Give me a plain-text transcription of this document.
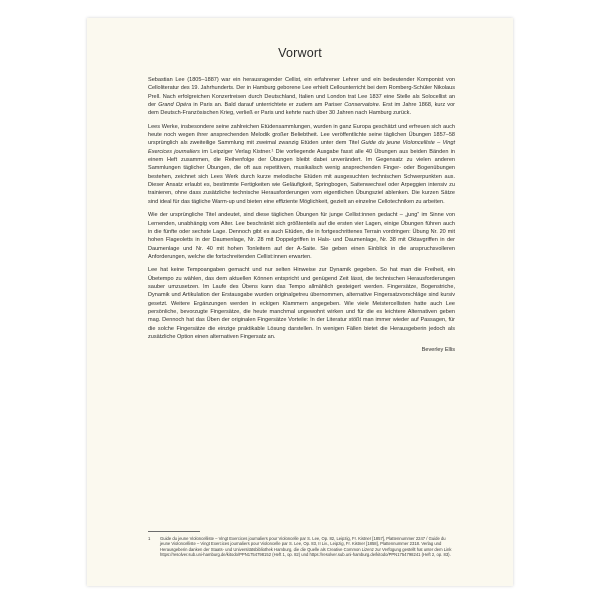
Vorwort

Sebastian Lee (1805–1887) war ein herausragender Cellist, ein erfahrener Lehrer und ein bedeutender Komponist von Celloliteratur des 19. Jahrhunderts. Der in Hamburg geborene Lee erhielt Cellounterricht bei dem Romberg-Schüler Nikolaus Prell. Nach erfolgreichen Konzertreisen durch Deutschland, Italien und London trat Lee 1837 eine Stelle als Solocellist an der Grand Opéra in Paris an. Bald darauf unterrichtete er zudem am Pariser Conservatoire. Erst im Jahre 1868, kurz vor dem Deutsch-Französischen Krieg, verließ er Paris und kehrte nach über 30 Jahren nach Hamburg zurück.

Lees Werke, insbesondere seine zahlreichen Etüdensammlungen, wurden in ganz Europa geschätzt und erfreuen sich auch heute noch wegen ihrer ansprechenden Melodik großer Beliebtheit. Lee veröffentlichte seine täglichen Übungen 1857–58 ursprünglich als zweiteilige Sammlung mit zweimal zwanzig Etüden unter dem Titel Guide du jeune Violoncelliste – Vingt Exercices journaliers im Leipziger Verlag Kistner.¹ Die vorliegende Ausgabe fasst alle 40 Übungen aus beiden Bänden in einem Heft zusammen, die Reihenfolge der Übungen bleibt dabei unverändert. Im Gegensatz zu vielen anderen Sammlungen täglicher Übungen, die oft aus repetitiven, musikalisch wenig ansprechenden Finger- oder Bogenübungen bestehen, zeichnet sich Lees Werk durch kurze melodische Etüden mit ausgesuchten technischen Schwerpunkten aus. Dieser Ansatz erlaubt es, bestimmte Fertigkeiten wie Geläufigkeit, Springbogen, Saitenwechsel oder Arpeggien intensiv zu trainieren, ohne dass zusätzliche technische Herausforderungen vom eigentlichen Übungsziel ablenken. Die kurzen Sätze sind ideal für das tägliche Warm-up und bieten eine effiziente Möglichkeit, gezielt an einzelne Cellotechniken zu arbeiten.

Wie der ursprüngliche Titel andeutet, sind diese täglichen Übungen für junge Cellist:innen gedacht – „jung“ im Sinne von Lernenden, unabhängig vom Alter. Lee beschränkt sich größtenteils auf die ersten vier Lagen, einige Übungen führen auch in die fünfte oder sechste Lage. Dennoch gibt es auch Etüden, die in fortgeschrittenes Terrain vordringen: Übung Nr. 20 mit hohen Flageoletts in der Daumenlage, Nr. 28 mit Doppelgriffen in Hals- und Daumenlage, Nr. 38 mit Oktavgriffen in der Daumenlage und Nr. 40 mit hohen Tonleitern auf der A-Saite. Sie geben einen Einblick in die anspruchsvolleren Anforderungen, welche die fortschreitenden Cellist:innen erwarten.

Lee hat keine Tempoangaben gemacht und nur selten Hinweise zur Dynamik gegeben. So hat man die Freiheit, ein Übetempo zu wählen, das dem aktuellen Können entspricht und genügend Zeit lässt, die technischen Herausforderungen sauber umzusetzen. Im Laufe des Übens kann das Tempo allmählich gesteigert werden. Fingersätze, Bogenstriche, Dynamik und Artikulation der Erstausgabe wurden originalgetreu übernommen, alternative Fingersatzvorschläge sind kursiv gesetzt. Weitere Ergänzungen werden in eckigen Klammern angegeben. Wie viele Meistercellisten hatte auch Lee persönliche, bevorzugte Fingersätze, die heute manchmal ungewohnt wirken und für die es leichtere Alternativen geben mag. Dennoch hat das Üben der originalen Fingersätze Vorteile: In der Literatur stößt man immer wieder auf Passagen, für die solche Fingersätze die einzige praktikable Lösung darstellen. In wenigen Fällen bietet die Herausgeberin jedoch als zusätzliche Option einen alternativen Fingersatz an.

Beverley Ellis
1	Guide du jeune Violoncelliste – Vingt Exercices journaliers pour Violoncelle par S. Lee, Op. 82, Leipzig, Fr. Kistner [1857], Plattennummer 2247 / Guide du jeune Violoncelliste – Vingt Exercices journaliers pour Violoncelle par S. Lee, Op. 83, II Liv., Leipzig, Fr. Kistner [1858], Plattennummer 2318. Verlag und Herausgeberin danken der Staats- und Universitätsbibliothek Hamburg, die die Quelle als Creative Common Lizenz zur Verfügung gestellt hat unter dem Link https://resolver.sub.uni-hamburg.de/kitodo/PPN1754798152 (Heft 1, op. 82) und https://resolver.sub.uni-hamburg.de/kitodo/PPN1754798241 (Heft 2, op. 83).
